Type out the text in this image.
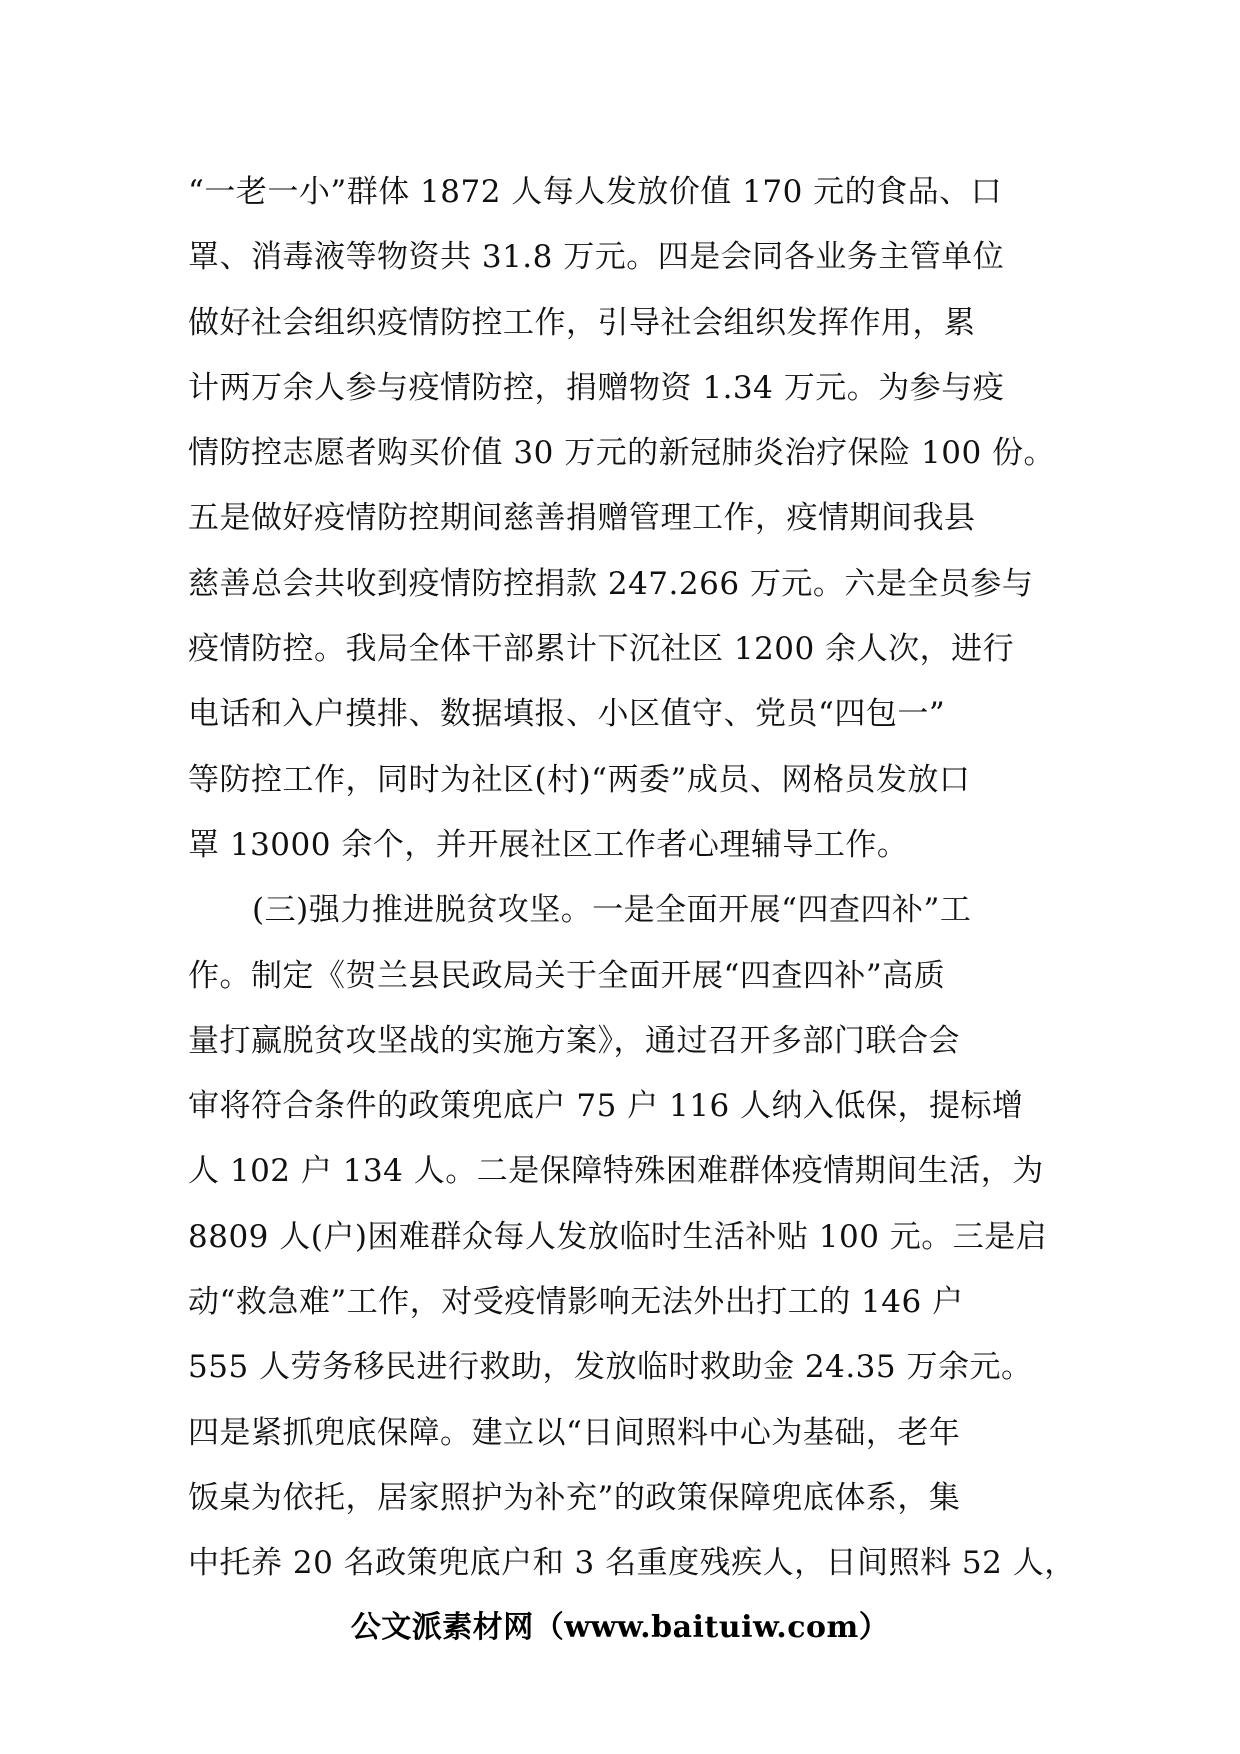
“一老一小”群体 1872 人每人发放价值 170 元的食品、口
罩、消毒液等物资共 31.8 万元。四是会同各业务主管单位
做好社会组织疫情防控工作，引导社会组织发挥作用，累
计两万余人参与疫情防控，捐赠物资 1.34 万元。为参与疫
情防控志愿者购买价值 30 万元的新冠肺炎治疗保险 100 份。
五是做好疫情防控期间慈善捐赠管理工作，疫情期间我县
慈善总会共收到疫情防控捐款 247.266 万元。六是全员参与
疫情防控。我局全体干部累计下沉社区 1200 余人次，进行
电话和入户摸排、数据填报、小区值守、党员“四包一”
等防控工作，同时为社区(村)“两委”成员、网格员发放口
罩 13000 余个，并开展社区工作者心理辅导工作。
(三)强力推进脱贫攻坚。一是全面开展“四查四补”工
作。制定《贺兰县民政局关于全面开展“四查四补”高质
量打赢脱贫攻坚战的实施方案》，通过召开多部门联合会
审将符合条件的政策兜底户 75 户 116 人纳入低保，提标增
人 102 户 134 人。二是保障特殊困难群体疫情期间生活，为
8809 人(户)困难群众每人发放临时生活补贴 100 元。三是启
动“救急难”工作，对受疫情影响无法外出打工的 146 户
555 人劳务移民进行救助，发放临时救助金 24.35 万余元。
四是紧抓兜底保障。建立以“日间照料中心为基础，老年
饭桌为依托，居家照护为补充”的政策保障兜底体系，集
中托养 20 名政策兜底户和 3 名重度残疾人，日间照料 52 人，
公文派素材网（www.baituiw.com）
